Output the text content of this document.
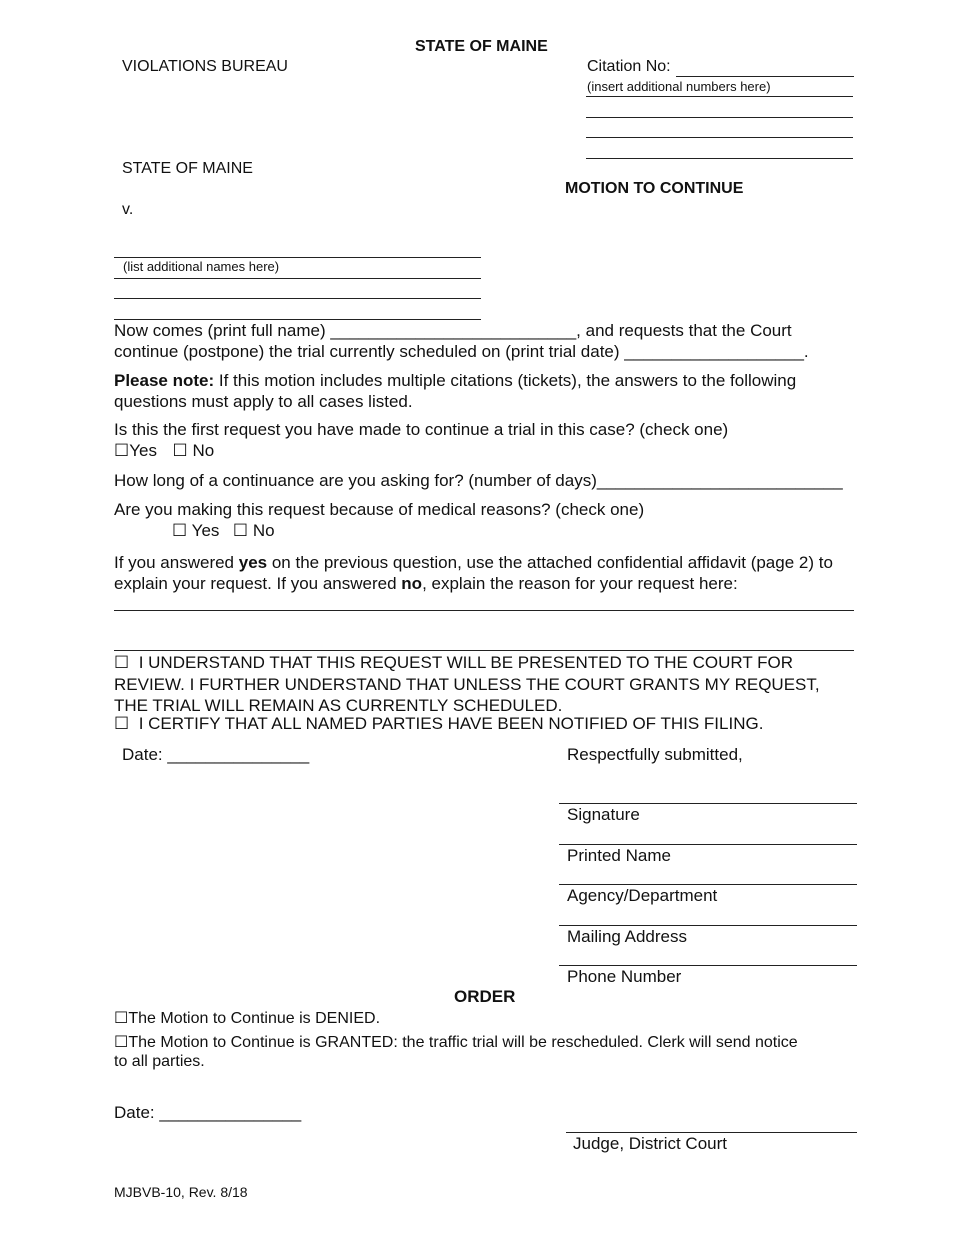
STATE OF MAINE
VIOLATIONS BUREAU	Citation No:
(insert additional numbers here)
STATE OF MAINE
MOTION TO CONTINUE
v.
(list additional names here)
Now comes (print full name) __________________________, and requests that the Court
continue (postpone) the trial currently scheduled on (print trial date) ___________________.
Please note: If this motion includes multiple citations (tickets), the answers to the following questions must apply to all cases listed.
Is this the first request you have made to continue a trial in this case? (check one)
☐Yes ☐ No
How long of a continuance are you asking for? (number of days)__________________________
Are you making this request because of medical reasons? (check one)
☐ Yes ☐ No
If you answered yes on the previous question, use the attached confidential affidavit (page 2) to explain your request. If you answered no, explain the reason for your request here:
☐ I UNDERSTAND THAT THIS REQUEST WILL BE PRESENTED TO THE COURT FOR REVIEW. I FURTHER UNDERSTAND THAT UNLESS THE COURT GRANTS MY REQUEST, THE TRIAL WILL REMAIN AS CURRENTLY SCHEDULED.
☐ I CERTIFY THAT ALL NAMED PARTIES HAVE BEEN NOTIFIED OF THIS FILING.
Date: _______________	Respectfully submitted,
Signature
Printed Name
Agency/Department
Mailing Address
Phone Number
ORDER
☐The Motion to Continue is DENIED.
☐The Motion to Continue is GRANTED: the traffic trial will be rescheduled. Clerk will send notice
to all parties.
Date: _______________
Judge, District Court
MJBVB-10, Rev. 8/18
